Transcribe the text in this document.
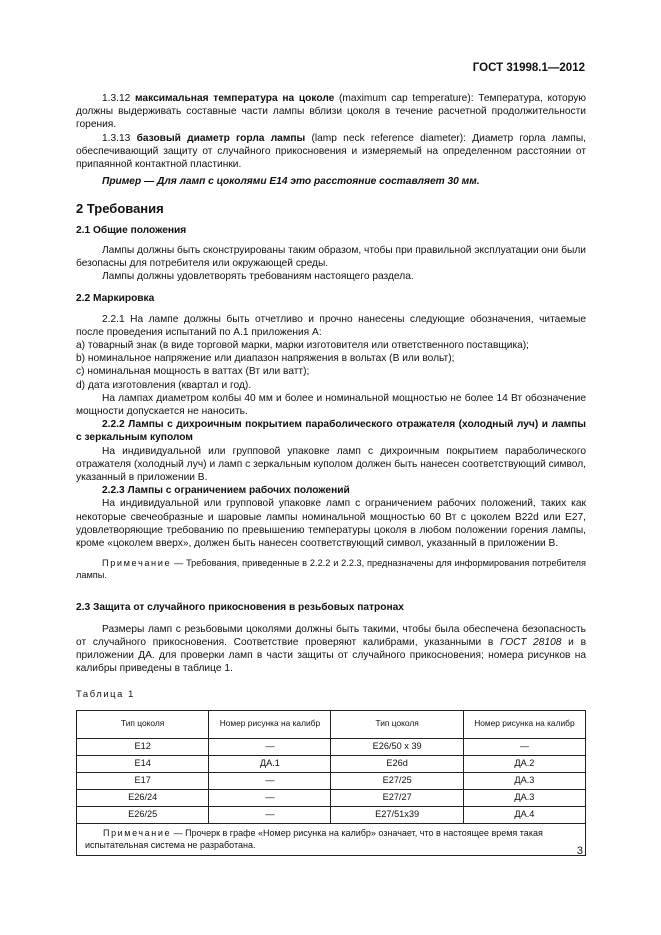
ГОСТ 31998.1—2012

1.3.12 максимальная температура на цоколе (maximum cap temperature): Температура, которую должны выдерживать составные части лампы вблизи цоколя в течение расчетной продолжительности горения.

1.3.13 базовый диаметр горла лампы (lamp neck reference diameter): Диаметр горла лампы, обеспечивающий защиту от случайного прикосновения и измеряемый на определенном расстоянии от припаянной контактной пластинки.

Пример — Для ламп с цоколями E14 это расстояние составляет 30 мм.

2 Требования
2.1 Общие положения

Лампы должны быть сконструированы таким образом, чтобы при правильной эксплуатации они были безопасны для потребителя или окружающей среды.

Лампы должны удовлетворять требованиям настоящего раздела.

2.2 Маркировка

2.2.1 На лампе должны быть отчетливо и прочно нанесены следующие обозначения, читаемые после проведения испытаний по А.1 приложения А:

а) товарный знак (в виде торговой марки, марки изготовителя или ответственного поставщика);

b) номинальное напряжение или диапазон напряжения в вольтах (В или вольт);

c) номинальная мощность в ваттах (Вт или ватт);

d) дата изготовления (квартал и год).

На лампах диаметром колбы 40 мм и более и номинальной мощностью не более 14 Вт обозначение мощности допускается не наносить.

2.2.2 Лампы с дихроичным покрытием параболического отражателя (холодный луч) и лампы с зеркальным куполом

На индивидуальной или групповой упаковке ламп с дихроичным покрытием параболического отражателя (холодный луч) и ламп с зеркальным куполом должен быть нанесен соответствующий символ, указанный в приложении В.

2.2.3 Лампы с ограничением рабочих положений

На индивидуальной или групповой упаковке ламп с ограничением рабочих положений, таких как некоторые свечеобразные и шаровые лампы номинальной мощностью 60 Вт с цоколем В22d или Е27, удовлетворяющие требованию по превышению температуры цоколя в любом положении горения лампы, кроме «цоколем вверх», должен быть нанесен соответствующий символ, указанный в приложении В.

Примечание — Требования, приведенные в 2.2.2 и 2.2.3, предназначены для информирования потребителя лампы.

2.3 Защита от случайного прикосновения в резьбовых патронах

Размеры ламп с резьбовыми цоколями должны быть такими, чтобы была обеспечена безопасность от случайного прикосновения. Соответствие проверяют калибрами, указанными в ГОСТ 28108 и в приложении ДА. для проверки ламп в части защиты от случайного прикосновения; номера рисунков на калибры приведены в таблице 1.

Таблица 1
Тип цоколя	Номер рисунка на калибр	Тип цоколя	Номер рисунка на калибр
E12	—	E26/50 x 39	—
E14	ДА.1	E26d	ДА.2
E17	—	E27/25	ДА.3
E26/24	—	E27/27	ДА.3
E26/25	—	E27/51x39	ДА.4
Примечание — Прочерк в графе «Номер рисунка на калибр» означает, что в настоящее время такая испытательная система не разработана.			
3
